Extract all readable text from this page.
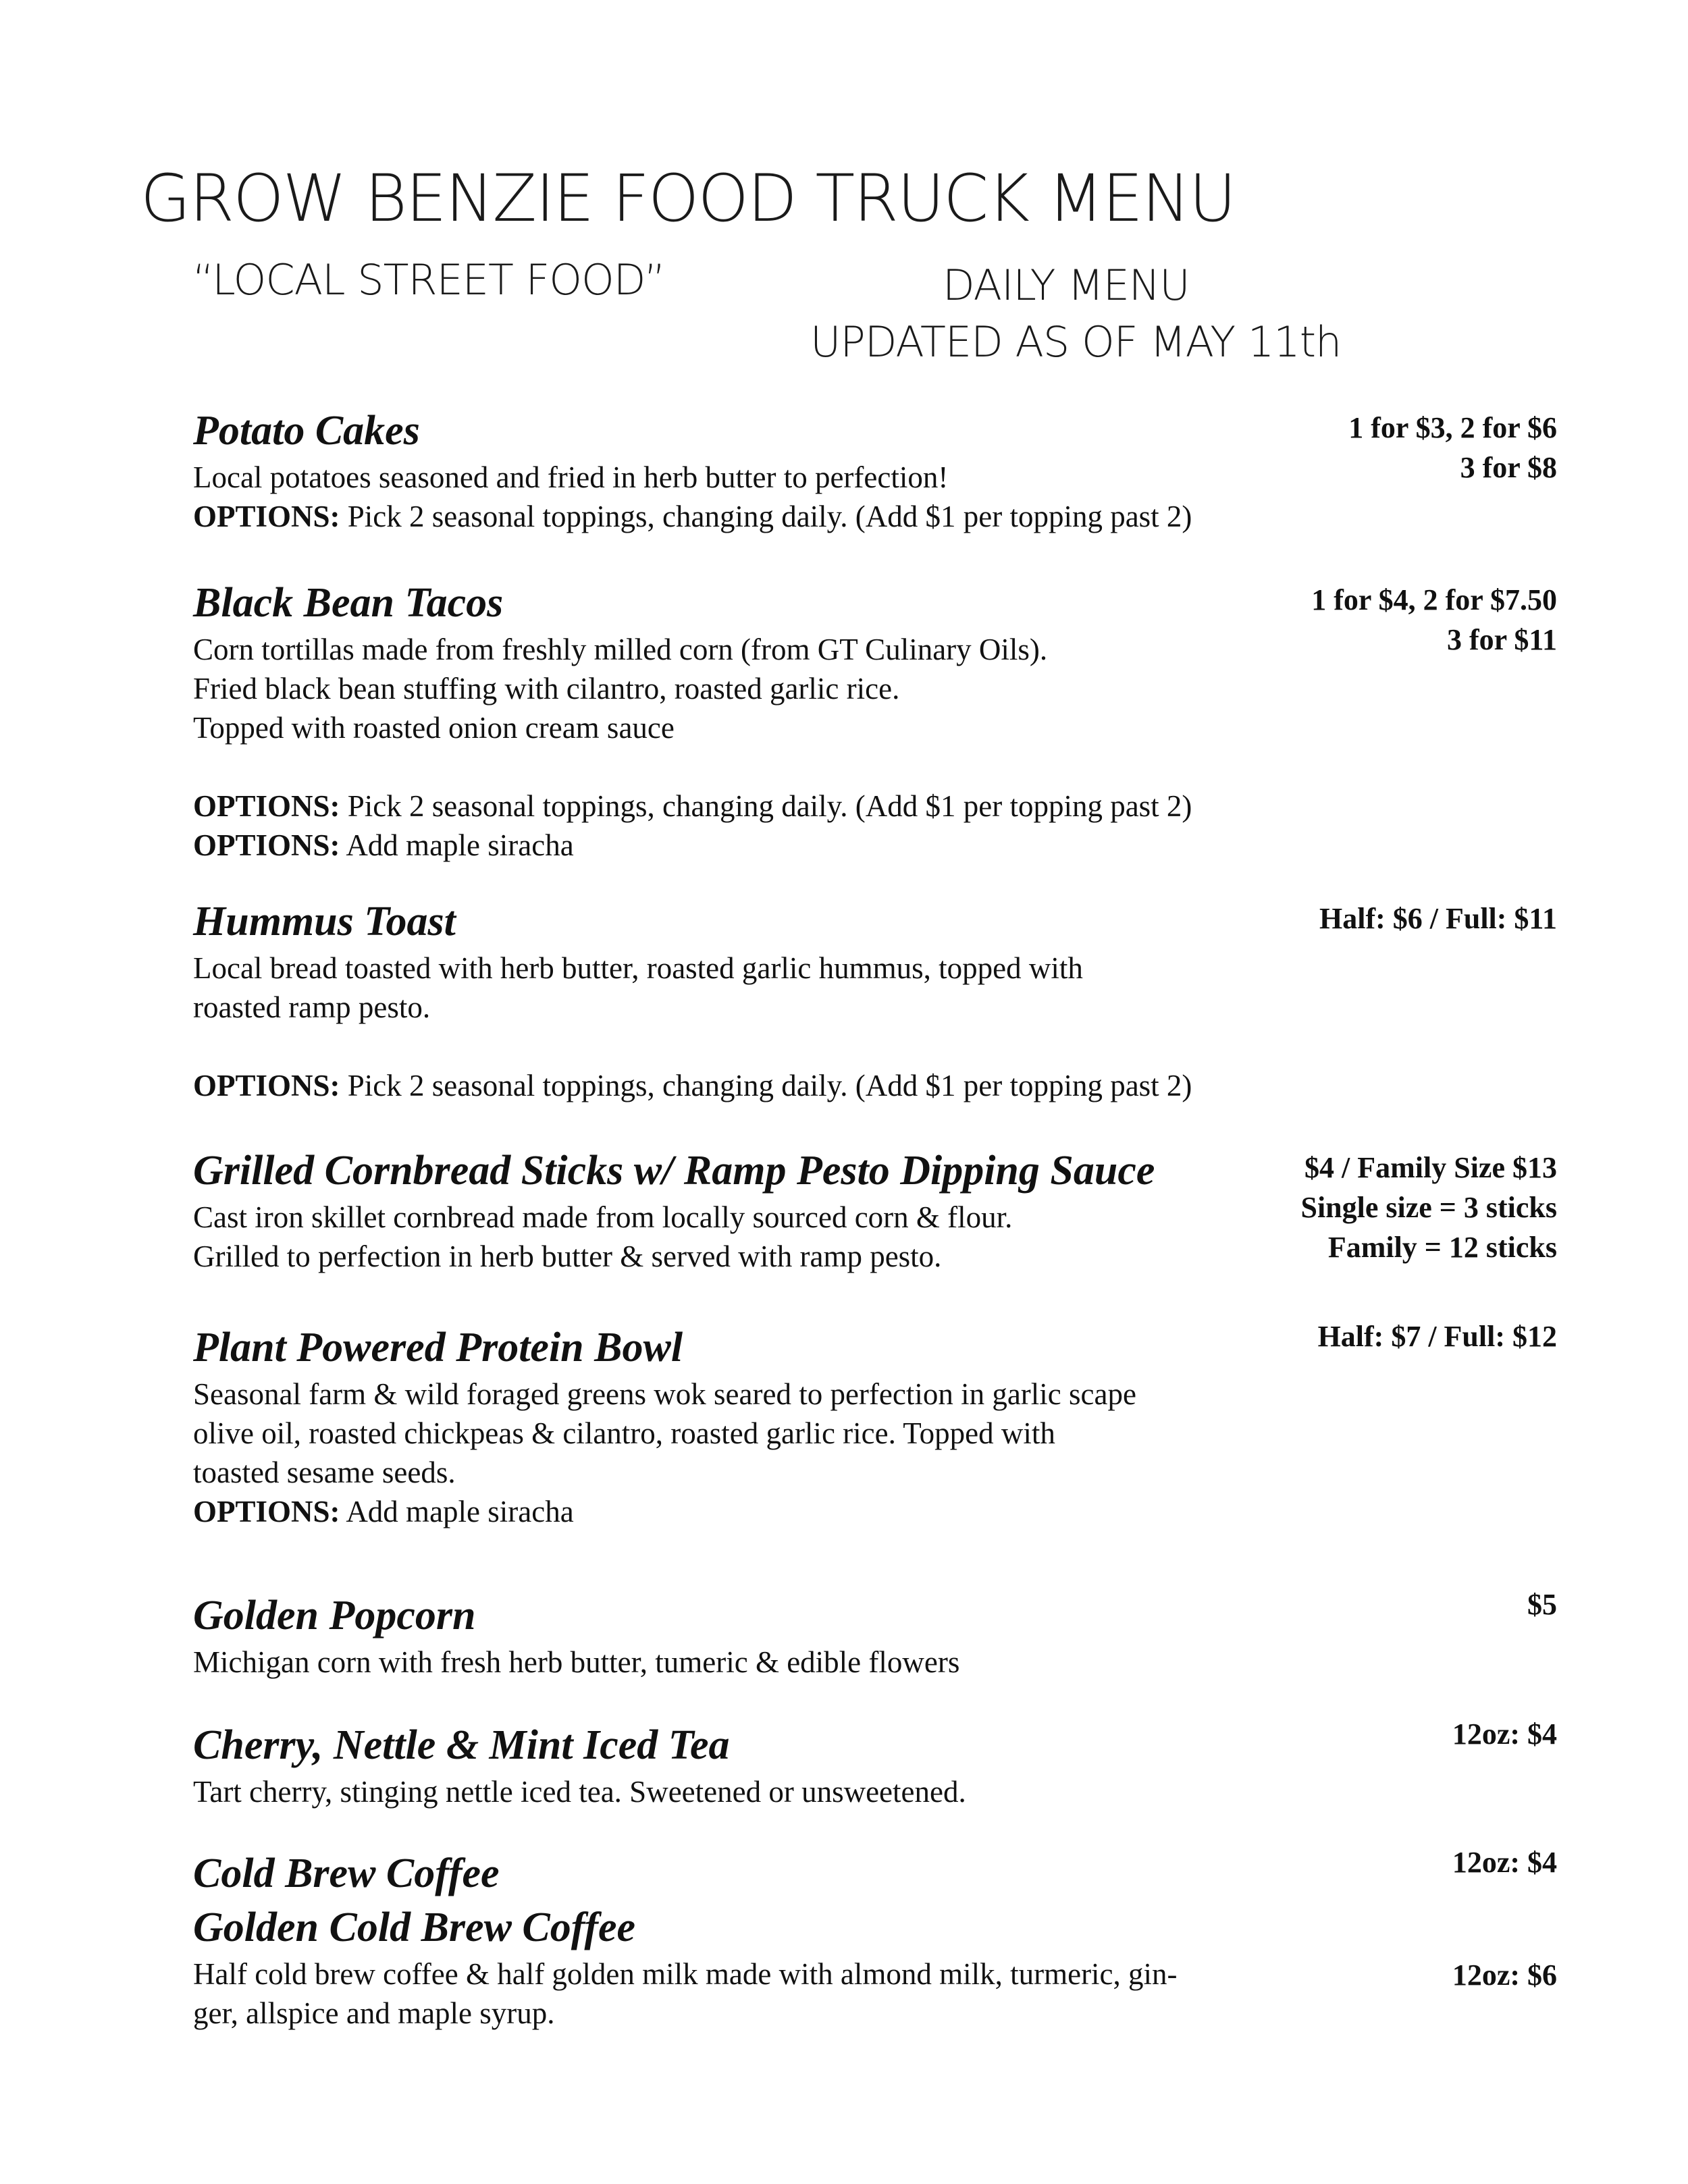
GROW BENZIE FOOD TRUCK MENU
“LOCAL STREET FOOD”	DAILY MENU
UPDATED AS OF MAY 11th
Potato Cakes
Local potatoes seasoned and fried in herb butter to perfection!
OPTIONS: Pick 2 seasonal toppings, changing daily. (Add $1 per topping past 2)
1 for $3, 2 for $6
3 for $8
Black Bean Tacos
Corn tortillas made from freshly milled corn (from GT Culinary Oils).
Fried black bean stuffing with cilantro, roasted garlic rice.
Topped with roasted onion cream sauce
OPTIONS: Pick 2 seasonal toppings, changing daily. (Add $1 per topping past 2)
OPTIONS: Add maple siracha
1 for $4, 2 for $7.50
3 for $11
Hummus Toast
Local bread toasted with herb butter, roasted garlic hummus, topped with
roasted ramp pesto.
OPTIONS: Pick 2 seasonal toppings, changing daily. (Add $1 per topping past 2)
Half: $6 / Full: $11
Grilled Cornbread Sticks w/ Ramp Pesto Dipping Sauce
Cast iron skillet cornbread made from locally sourced corn & flour.
Grilled to perfection in herb butter & served with ramp pesto.
$4 / Family Size $13
Single size = 3 sticks
Family = 12 sticks
Plant Powered Protein Bowl
Seasonal farm & wild foraged greens wok seared to perfection in garlic scape
olive oil, roasted chickpeas & cilantro, roasted garlic rice. Topped with
toasted sesame seeds.
OPTIONS: Add maple siracha
Half: $7 / Full: $12
Golden Popcorn
Michigan corn with fresh herb butter, tumeric & edible flowers
$5
Cherry, Nettle & Mint Iced Tea
Tart cherry, stinging nettle iced tea. Sweetened or unsweetened.
12oz: $4
Cold Brew Coffee	12oz: $4
Golden Cold Brew Coffee
Half cold brew coffee & half golden milk made with almond milk, turmeric, gin-
ger, allspice and maple syrup.
12oz: $6
